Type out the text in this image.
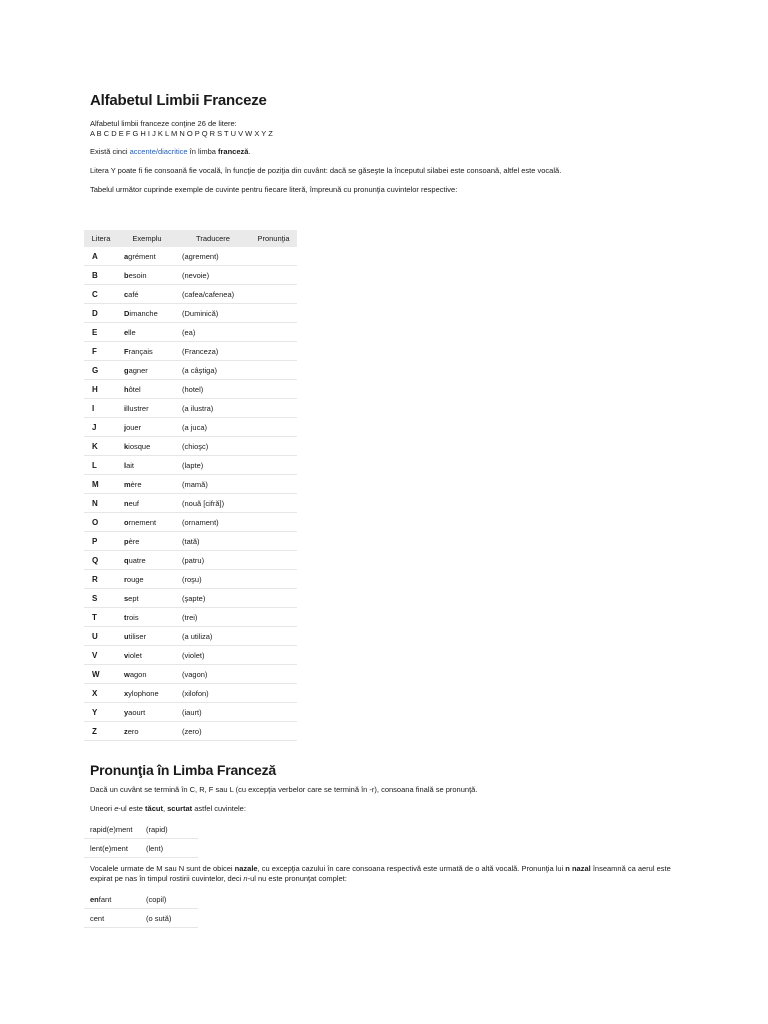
Alfabetul Limbii Franceze

Alfabetul limbii franceze conţine 26 de litere:

A B C D E F G H I J K L M N O P Q R S T U V W X Y Z

Există cinci accente/diacritice în limba franceză.

Litera Y poate fi fie consoană fie vocală, în funcţie de poziţia din cuvânt: dacă se găseşte la începutul silabei este consoană, altfel este vocală.

Tabelul următor cuprinde exemple de cuvinte pentru fiecare literă, împreună cu pronunţia cuvintelor respective:

Litera	Exemplu	Traducere	Pronunţia
A	agrément	(agrement)	
B	besoin	(nevoie)	
C	café	(cafea/cafenea)	
D	Dimanche	(Duminică)	
E	elle	(ea)	
F	Français	(Franceza)	
G	gagner	(a câştiga)	
H	hôtel	(hotel)	
I	illustrer	(a ilustra)	
J	jouer	(a juca)	
K	kiosque	(chioşc)	
L	lait	(lapte)	
M	mère	(mamă)	
N	neuf	(nouă [cifră])	
O	ornement	(ornament)	
P	père	(tată)	
Q	quatre	(patru)	
R	rouge	(roşu)	
S	sept	(şapte)	
T	trois	(trei)	
U	utiliser	(a utiliza)	
V	violet	(violet)	
W	wagon	(vagon)	
X	xylophone	(xilofon)	
Y	yaourt	(iaurt)	
Z	zero	(zero)	
Pronunţia în Limba Franceză

Dacă un cuvânt se termină în C, R, F sau L (cu excepţia verbelor care se termină în -r), consoana finală se pronunţă.

Uneori e-ul este tăcut, scurtat astfel cuvintele:

rapid(e)ment	(rapid)
lent(e)ment	(lent)

Vocalele urmate de M sau N sunt de obicei nazale, cu excepţia cazului în care consoana respectivă este urmată de o altă vocală. Pronunţia lui n nazal înseamnă ca aerul este expirat pe nas în timpul rostirii cuvintelor, deci n-ul nu este pronunţat complet:

enfant	(copil)
cent	(o sută)
